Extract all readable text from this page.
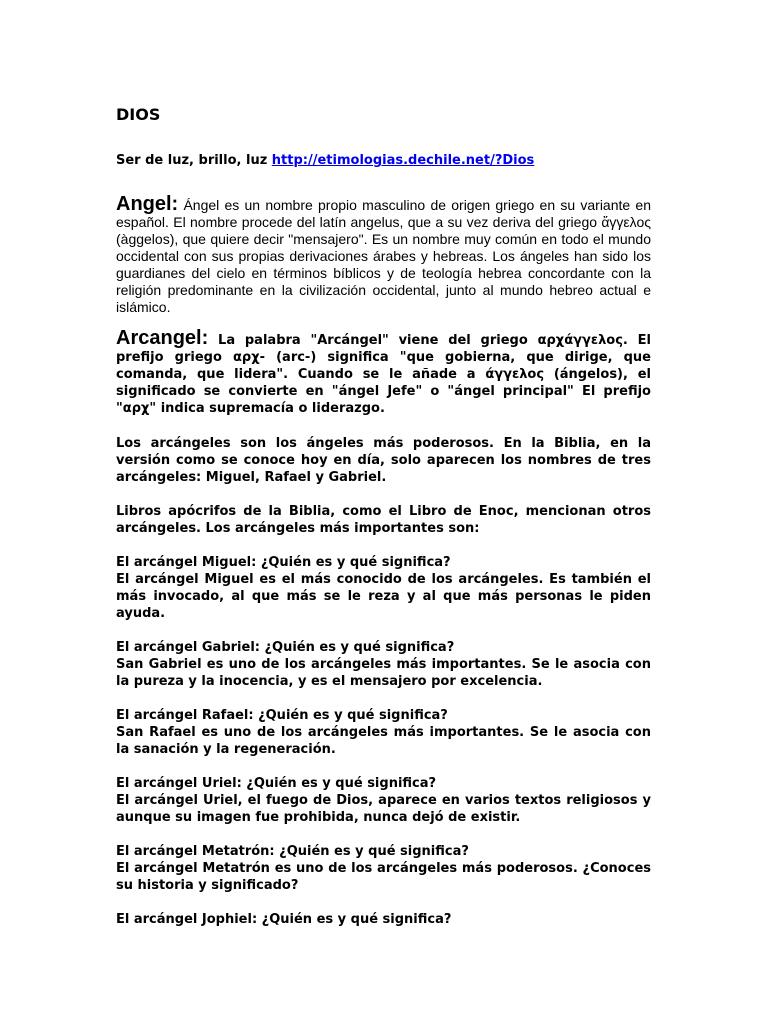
DIOS
Ser de luz, brillo, luz http://etimologias.dechile.net/?Dios

Angel: Ángel es un nombre propio masculino de origen griego en su variante en español. El nombre procede del latín angelus, que a su vez deriva del griego ἄγγελος (àggelos), que quiere decir "mensajero". Es un nombre muy común en todo el mundo occidental con sus propias derivaciones árabes y hebreas. Los ángeles han sido los guardianes del cielo en términos bíblicos y de teología hebrea concordante con la religión predominante en la civilización occidental, junto al mundo hebreo actual e islámico.

Arcangel: La palabra "Arcángel" viene del griego αρχάγγελος. El prefijo griego αρχ- (arc-) significa "que gobierna, que dirige, que comanda, que lidera". Cuando se le añade a άγγελος (ángelos), el significado se convierte en "ángel Jefe" o "ángel principal" El prefijo "αρχ" indica supremacía o liderazgo.

Los arcángeles son los ángeles más poderosos. En la Biblia, en la versión como se conoce hoy en día, solo aparecen los nombres de tres arcángeles: Miguel, Rafael y Gabriel.

Libros apócrifos de la Biblia, como el Libro de Enoc, mencionan otros arcángeles. Los arcángeles más importantes son:

El arcángel Miguel: ¿Quién es y qué significa?

El arcángel Miguel es el más conocido de los arcángeles. Es también el más invocado, al que más se le reza y al que más personas le piden ayuda.

El arcángel Gabriel: ¿Quién es y qué significa?

San Gabriel es uno de los arcángeles más importantes. Se le asocia con la pureza y la inocencia, y es el mensajero por excelencia.

El arcángel Rafael: ¿Quién es y qué significa?

San Rafael es uno de los arcángeles más importantes. Se le asocia con la sanación y la regeneración.

El arcángel Uriel: ¿Quién es y qué significa?

El arcángel Uriel, el fuego de Dios, aparece en varios textos religiosos y aunque su imagen fue prohibida, nunca dejó de existir.

El arcángel Metatrón: ¿Quién es y qué significa?

El arcángel Metatrón es uno de los arcángeles más poderosos. ¿Conoces su historia y significado?

El arcángel Jophiel: ¿Quién es y qué significa?
